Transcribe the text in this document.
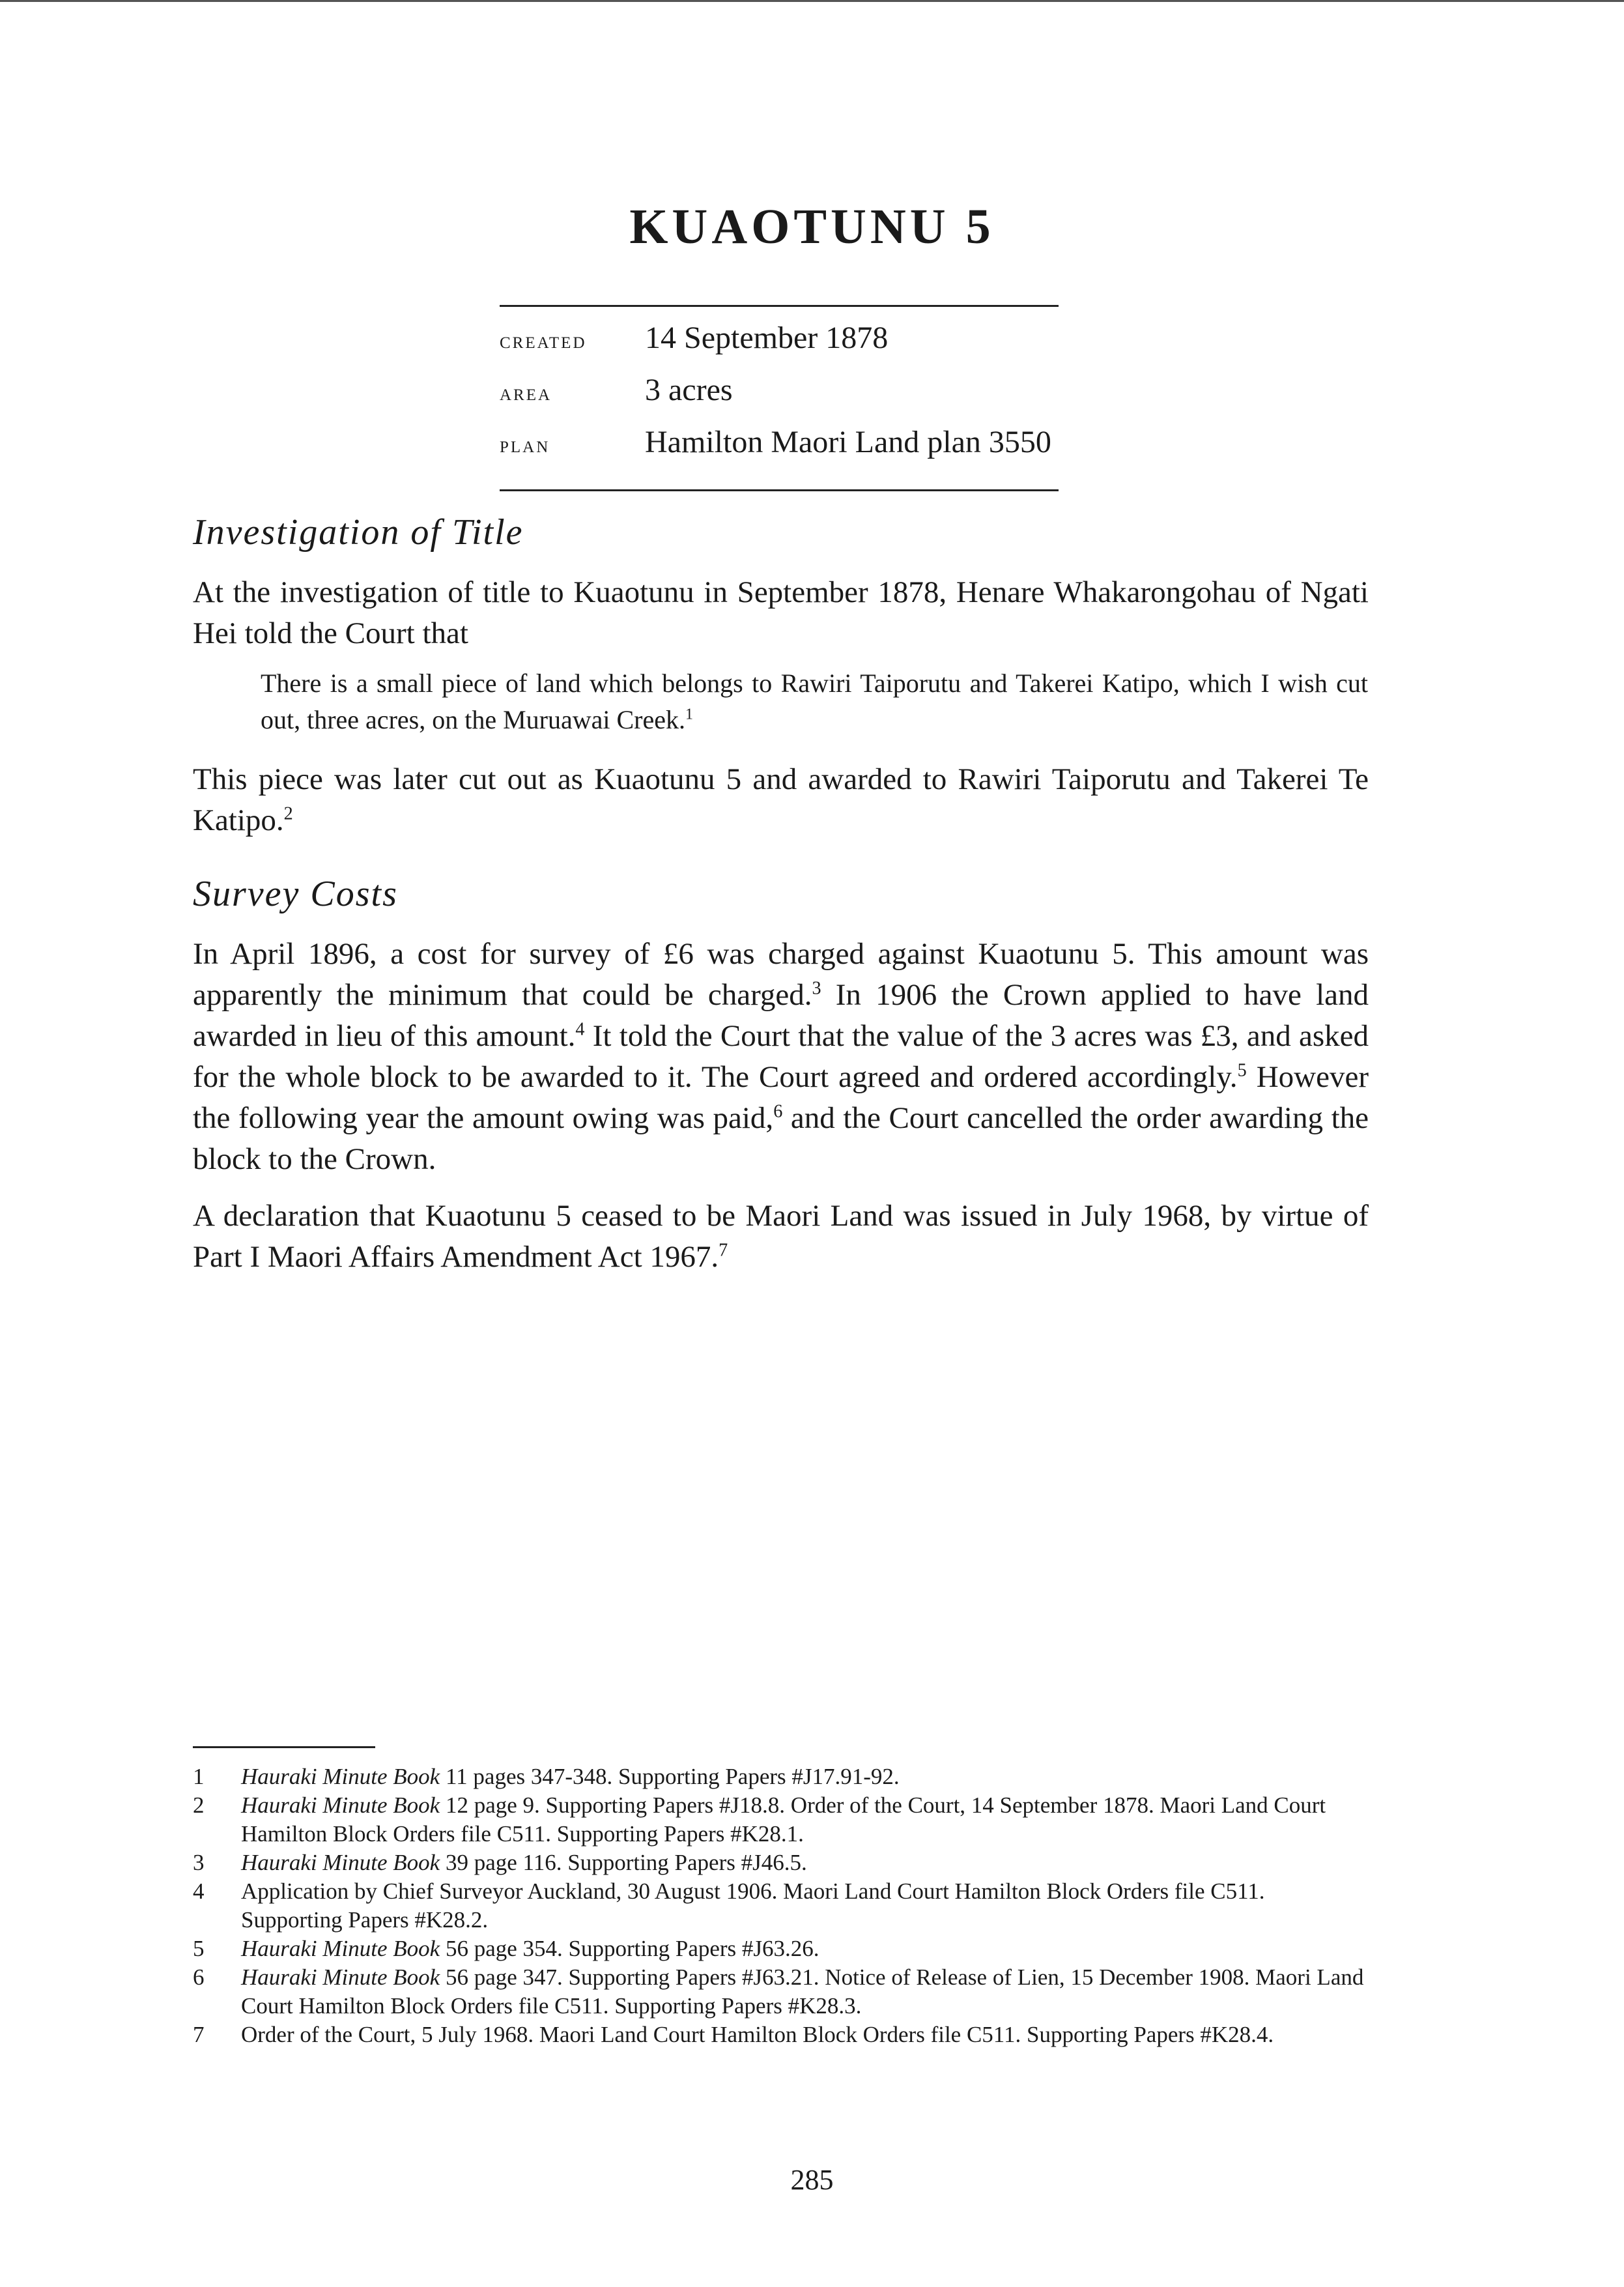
KUAOTUNU 5
created	14 September 1878
area	3 acres
plan	Hamilton Maori Land plan 3550
Investigation of Title

At the investigation of title to Kuaotunu in September 1878, Henare Whakarongohau of Ngati Hei told the Court that

There is a small piece of land which belongs to Rawiri Taiporutu and Takerei Katipo, which I wish cut out, three acres, on the Muruawai Creek.$^1$

This piece was later cut out as Kuaotunu 5 and awarded to Rawiri Taiporutu and Takerei Te Katipo.$^2$

Survey Costs

In April 1896, a cost for survey of £6 was charged against Kuaotunu 5. This amount was apparently the minimum that could be charged.$^3$ In 1906 the Crown applied to have land awarded in lieu of this amount.$^4$ It told the Court that the value of the 3 acres was £3, and asked for the whole block to be awarded to it. The Court agreed and ordered accordingly.$^5$ However the following year the amount owing was paid,$^6$ and the Court cancelled the order awarding the block to the Crown.

A declaration that Kuaotunu 5 ceased to be Maori Land was issued in July 1968, by virtue of Part I Maori Affairs Amendment Act 1967.$^7$

1	Hauraki Minute Book 11 pages 347-348. Supporting Papers #J17.91-92.
2	Hauraki Minute Book 12 page 9. Supporting Papers #J18.8. Order of the Court, 14 September 1878. Maori Land Court Hamilton Block Orders file C511. Supporting Papers #K28.1.
3	Hauraki Minute Book 39 page 116. Supporting Papers #J46.5.
4	Application by Chief Surveyor Auckland, 30 August 1906. Maori Land Court Hamilton Block Orders file C511. Supporting Papers #K28.2.
5	Hauraki Minute Book 56 page 354. Supporting Papers #J63.26.
6	Hauraki Minute Book 56 page 347. Supporting Papers #J63.21. Notice of Release of Lien, 15 December 1908. Maori Land Court Hamilton Block Orders file C511. Supporting Papers #K28.3.
7	Order of the Court, 5 July 1968. Maori Land Court Hamilton Block Orders file C511. Supporting Papers #K28.4.
285
